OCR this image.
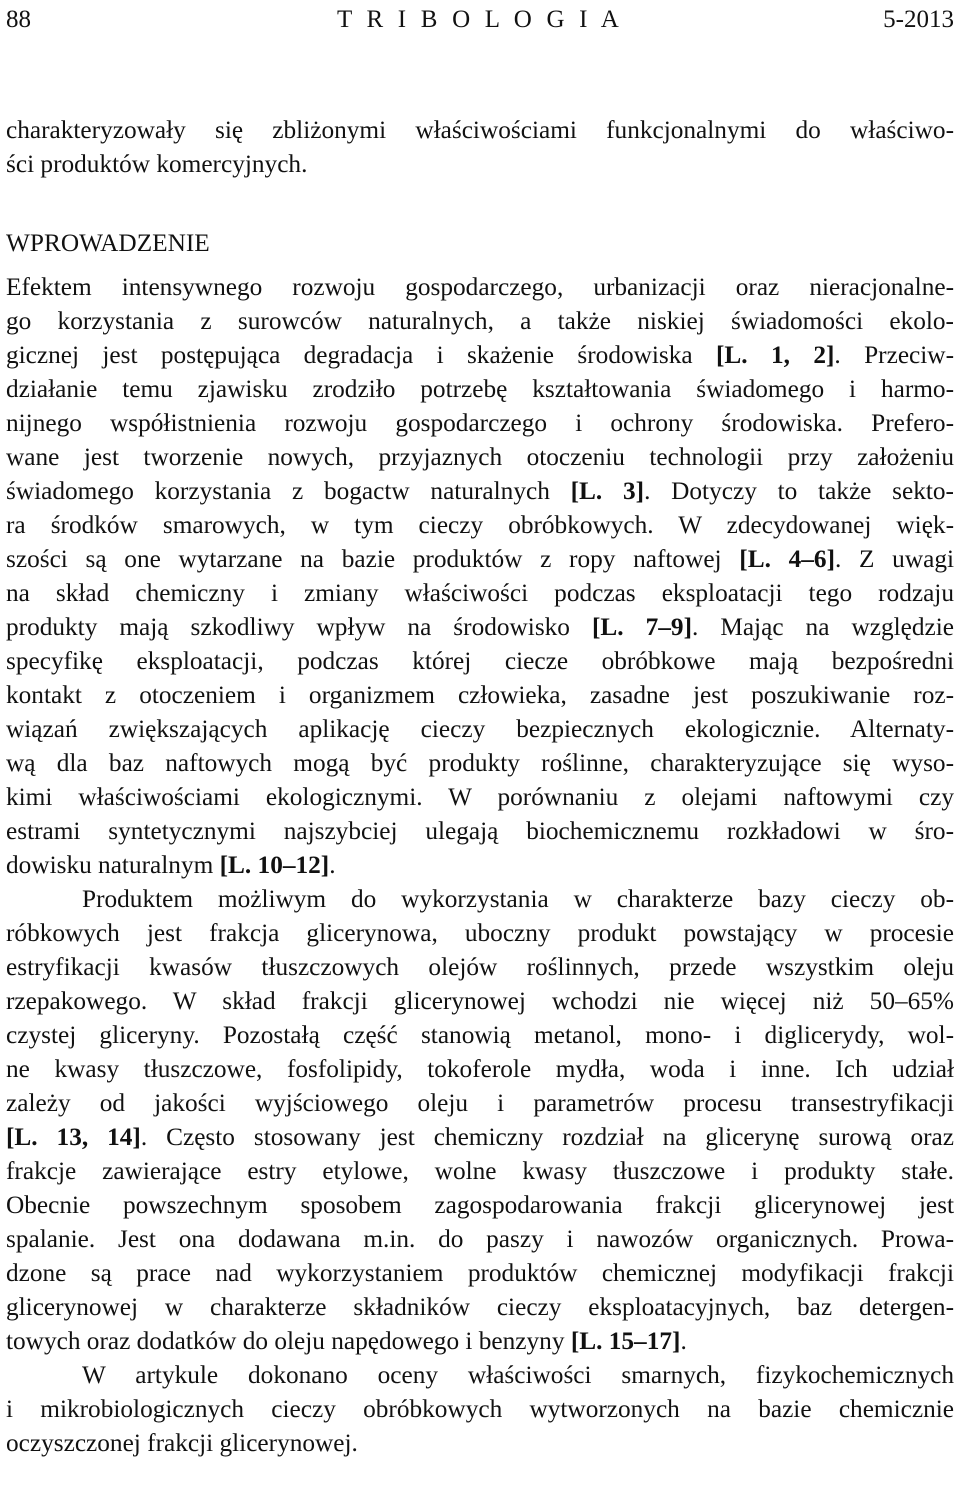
88	T R I B O L O G I A	5-2013
charakteryzowały się zbliżonymi właściwościami funkcjonalnymi do właściwo-
ści produktów komercyjnych.
WPROWADZENIE
Efektem intensywnego rozwoju gospodarczego, urbanizacji oraz nieracjonalne-
go korzystania z surowców naturalnych, a także niskiej świadomości ekolo-
gicznej jest postępująca degradacja i skażenie środowiska [L. 1, 2]. Przeciw-
działanie temu zjawisku zrodziło potrzebę kształtowania świadomego i harmo-
nijnego współistnienia rozwoju gospodarczego i ochrony środowiska. Prefero-
wane jest tworzenie nowych, przyjaznych otoczeniu technologii przy założeniu
świadomego korzystania z bogactw naturalnych [L. 3]. Dotyczy to także sekto-
ra środków smarowych, w tym cieczy obróbkowych. W zdecydowanej więk-
szości są one wytarzane na bazie produktów z ropy naftowej [L. 4–6]. Z uwagi
na skład chemiczny i zmiany właściwości podczas eksploatacji tego rodzaju
produkty mają szkodliwy wpływ na środowisko [L. 7–9]. Mając na względzie
specyfikę eksploatacji, podczas której ciecze obróbkowe mają bezpośredni
kontakt z otoczeniem i organizmem człowieka, zasadne jest poszukiwanie roz-
wiązań zwiększających aplikację cieczy bezpiecznych ekologicznie. Alternaty-
wą dla baz naftowych mogą być produkty roślinne, charakteryzujące się wyso-
kimi właściwościami ekologicznymi. W porównaniu z olejami naftowymi czy
estrami syntetycznymi najszybciej ulegają biochemicznemu rozkładowi w śro-
dowisku naturalnym [L. 10–12].
Produktem możliwym do wykorzystania w charakterze bazy cieczy ob-
róbkowych jest frakcja glicerynowa, uboczny produkt powstający w procesie
estryfikacji kwasów tłuszczowych olejów roślinnych, przede wszystkim oleju
rzepakowego. W skład frakcji glicerynowej wchodzi nie więcej niż 50–65%
czystej gliceryny. Pozostałą część stanowią metanol, mono- i diglicerydy, wol-
ne kwasy tłuszczowe, fosfolipidy, tokoferole mydła, woda i inne. Ich udział
zależy od jakości wyjściowego oleju i parametrów procesu transestryfikacji
[L. 13, 14]. Często stosowany jest chemiczny rozdział na glicerynę surową oraz
frakcje zawierające estry etylowe, wolne kwasy tłuszczowe i produkty stałe.
Obecnie powszechnym sposobem zagospodarowania frakcji glicerynowej jest
spalanie. Jest ona dodawana m.in. do paszy i nawozów organicznych. Prowa-
dzone są prace nad wykorzystaniem produktów chemicznej modyfikacji frakcji
glicerynowej w charakterze składników cieczy eksploatacyjnych, baz detergen-
towych oraz dodatków do oleju napędowego i benzyny [L. 15–17].
W artykule dokonano oceny właściwości smarnych, fizykochemicznych
i mikrobiologicznych cieczy obróbkowych wytworzonych na bazie chemicznie
oczyszczonej frakcji glicerynowej.
